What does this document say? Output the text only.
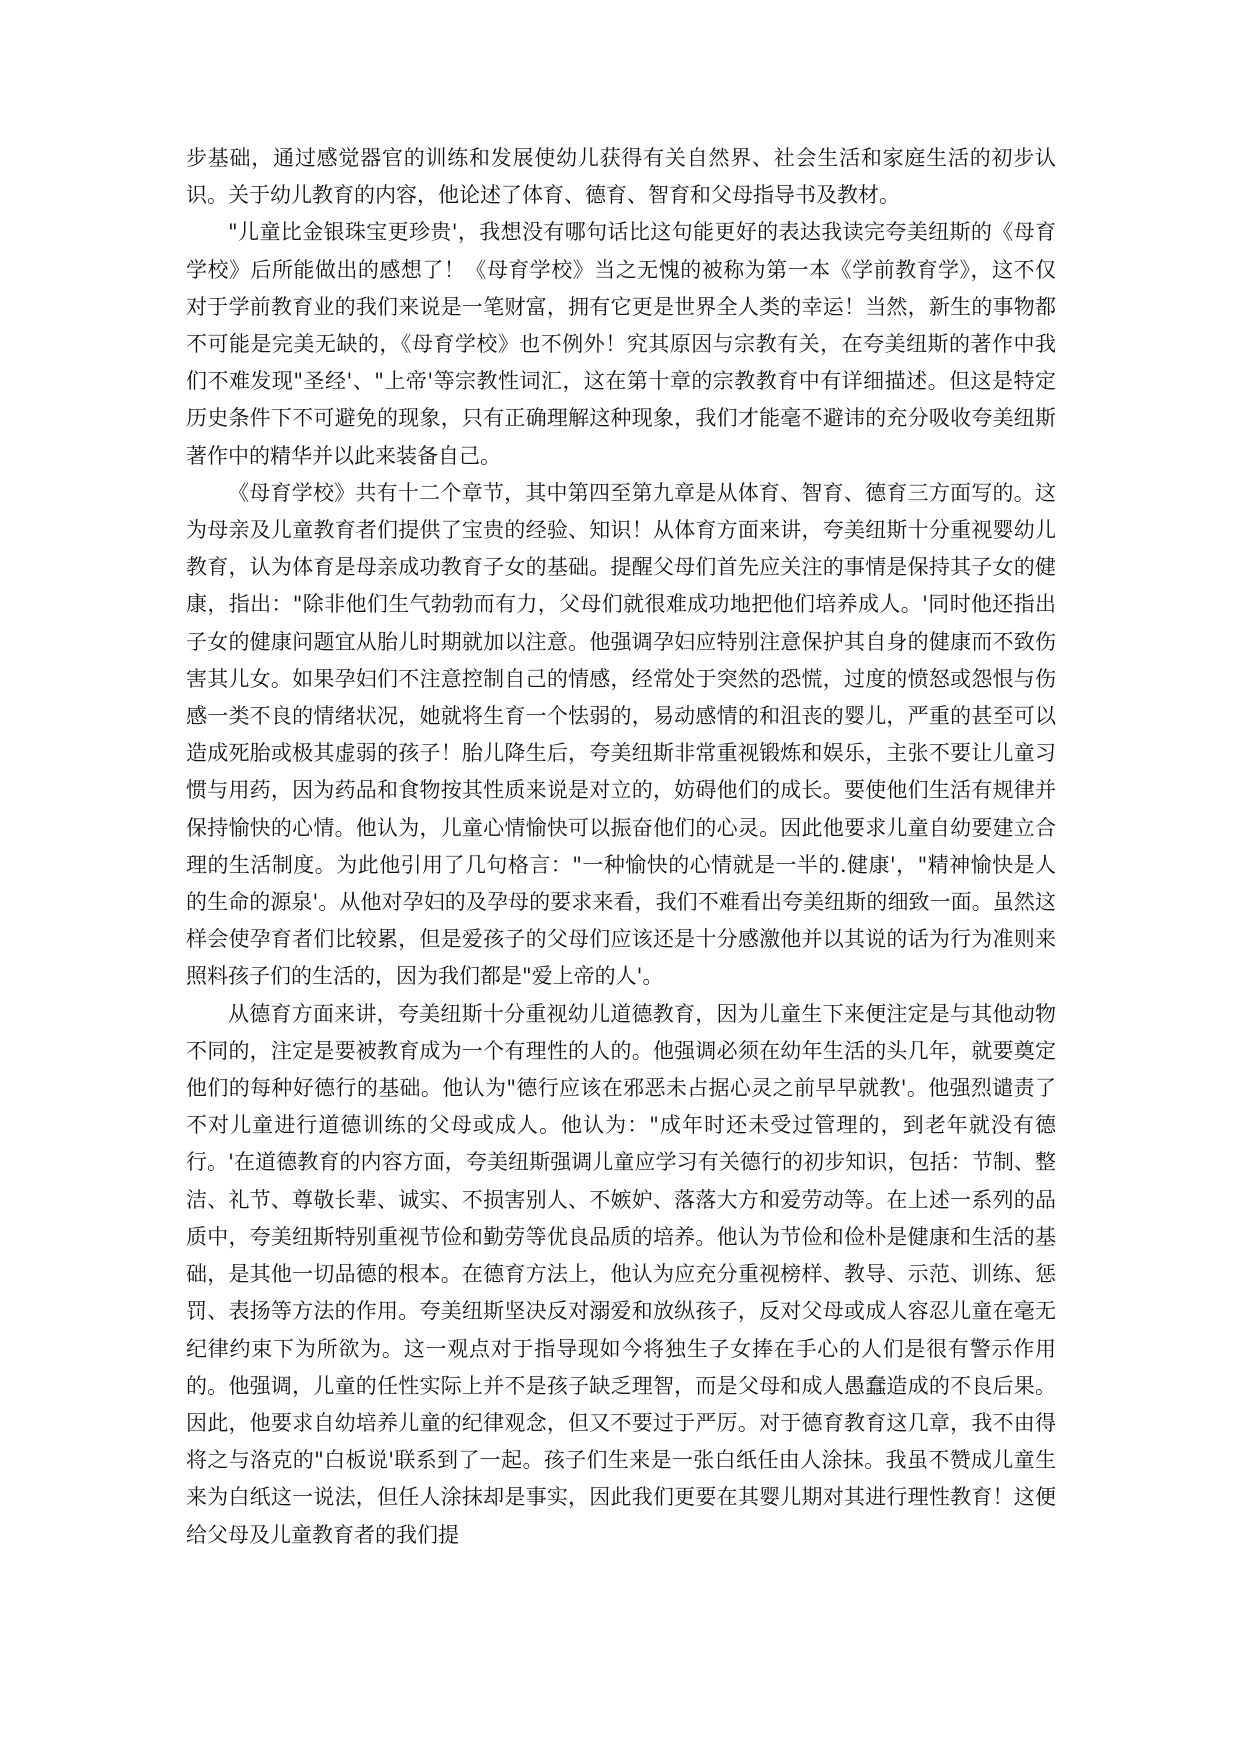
步基础，通过感觉器官的训练和发展使幼儿获得有关自然界、社会生活和家庭生活的初步认识。关于幼儿教育的内容，他论述了体育、德育、智育和父母指导书及教材。

"儿童比金银珠宝更珍贵'，我想没有哪句话比这句能更好的表达我读完夸美纽斯的《母育学校》后所能做出的感想了！《母育学校》当之无愧的被称为第一本《学前教育学》，这不仅对于学前教育业的我们来说是一笔财富，拥有它更是世界全人类的幸运！当然，新生的事物都不可能是完美无缺的，《母育学校》也不例外！究其原因与宗教有关，在夸美纽斯的著作中我们不难发现"圣经'、"上帝'等宗教性词汇，这在第十章的宗教教育中有详细描述。但这是特定历史条件下不可避免的现象，只有正确理解这种现象，我们才能毫不避讳的充分吸收夸美纽斯著作中的精华并以此来装备自己。

《母育学校》共有十二个章节，其中第四至第九章是从体育、智育、德育三方面写的。这为母亲及儿童教育者们提供了宝贵的经验、知识！从体育方面来讲，夸美纽斯十分重视婴幼儿教育，认为体育是母亲成功教育子女的基础。提醒父母们首先应关注的事情是保持其子女的健康，指出："除非他们生气勃勃而有力，父母们就很难成功地把他们培养成人。'同时他还指出子女的健康问题宜从胎儿时期就加以注意。他强调孕妇应特别注意保护其自身的健康而不致伤害其儿女。如果孕妇们不注意控制自己的情感，经常处于突然的恐慌，过度的愤怒或怨恨与伤感一类不良的情绪状况，她就将生育一个怯弱的，易动感情的和沮丧的婴儿，严重的甚至可以造成死胎或极其虚弱的孩子！胎儿降生后，夸美纽斯非常重视锻炼和娱乐，主张不要让儿童习惯与用药，因为药品和食物按其性质来说是对立的，妨碍他们的成长。要使他们生活有规律并保持愉快的心情。他认为，儿童心情愉快可以振奋他们的心灵。因此他要求儿童自幼要建立合理的生活制度。为此他引用了几句格言："一种愉快的心情就是一半的.健康'，"精神愉快是人的生命的源泉'。从他对孕妇的及孕母的要求来看，我们不难看出夸美纽斯的细致一面。虽然这样会使孕育者们比较累，但是爱孩子的父母们应该还是十分感激他并以其说的话为行为准则来照料孩子们的生活的，因为我们都是"爱上帝的人'。

从德育方面来讲，夸美纽斯十分重视幼儿道德教育，因为儿童生下来便注定是与其他动物不同的，注定是要被教育成为一个有理性的人的。他强调必须在幼年生活的头几年，就要奠定他们的每种好德行的基础。他认为"德行应该在邪恶未占据心灵之前早早就教'。他强烈谴责了不对儿童进行道德训练的父母或成人。他认为："成年时还未受过管理的，到老年就没有德行。'在道德教育的内容方面，夸美纽斯强调儿童应学习有关德行的初步知识，包括：节制、整洁、礼节、尊敬长辈、诚实、不损害别人、不嫉妒、落落大方和爱劳动等。在上述一系列的品质中，夸美纽斯特别重视节俭和勤劳等优良品质的培养。他认为节俭和俭朴是健康和生活的基础，是其他一切品德的根本。在德育方法上，他认为应充分重视榜样、教导、示范、训练、惩罚、表扬等方法的作用。夸美纽斯坚决反对溺爱和放纵孩子，反对父母或成人容忍儿童在毫无纪律约束下为所欲为。这一观点对于指导现如今将独生子女捧在手心的人们是很有警示作用的。他强调，儿童的任性实际上并不是孩子缺乏理智，而是父母和成人愚蠢造成的不良后果。因此，他要求自幼培养儿童的纪律观念，但又不要过于严厉。对于德育教育这几章，我不由得将之与洛克的"白板说'联系到了一起。孩子们生来是一张白纸任由人涂抹。我虽不赞成儿童生来为白纸这一说法，但任人涂抹却是事实，因此我们更要在其婴儿期对其进行理性教育！这便给父母及儿童教育者的我们提
